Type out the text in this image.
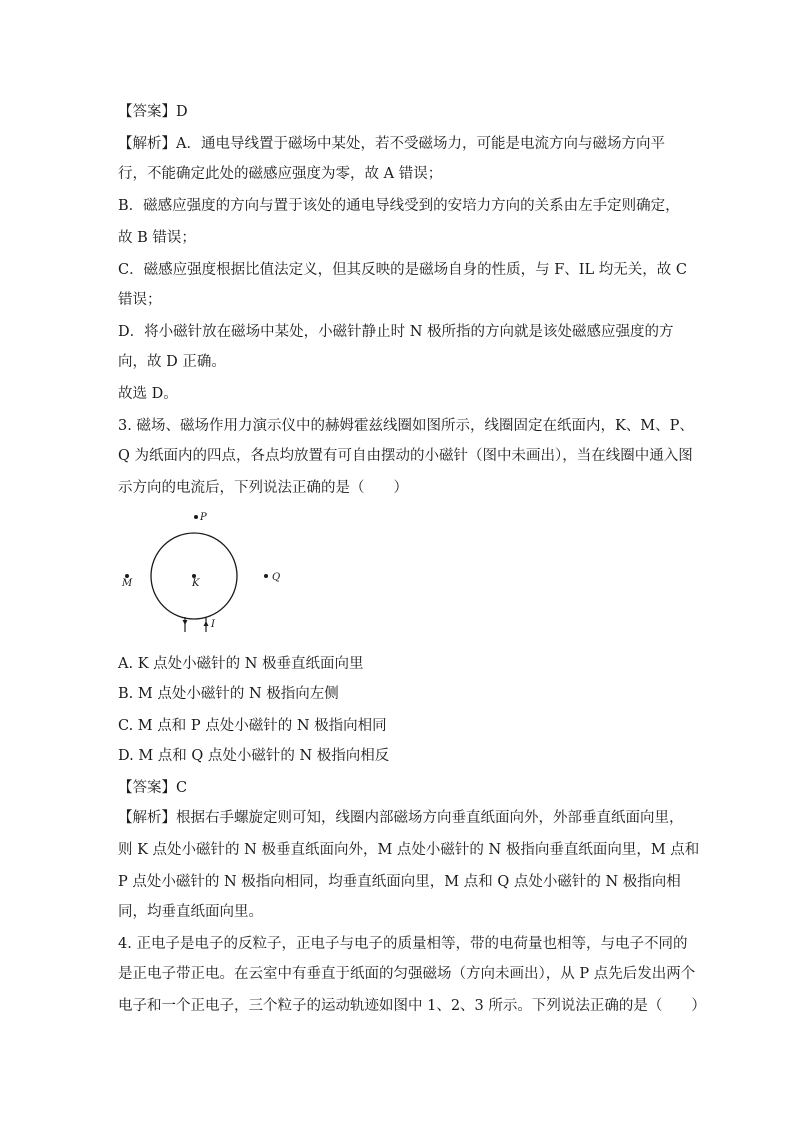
【答案】D
【解析】A．通电导线置于磁场中某处，若不受磁场力，可能是电流方向与磁场方向平
行，不能确定此处的磁感应强度为零，故 A 错误；
B．磁感应强度的方向与置于该处的通电导线受到的安培力方向的关系由左手定则确定，
故 B 错误；
C．磁感应强度根据比值法定义，但其反映的是磁场自身的性质，与 F、IL 均无关，故 C
错误；
D．将小磁针放在磁场中某处，小磁针静止时 N 极所指的方向就是该处磁感应强度的方
向，故 D 正确。
故选 D。
3. 磁场、磁场作用力演示仪中的赫姆霍兹线圈如图所示，线圈固定在纸面内，K、M、P、
Q 为纸面内的四点，各点均放置有可自由摆动的小磁针（图中未画出），当在线圈中通入图
示方向的电流后，下列说法正确的是（　　）
P
M	K
Q
I
A. K 点处小磁针的 N 极垂直纸面向里
B. M 点处小磁针的 N 极指向左侧
C. M 点和 P 点处小磁针的 N 极指向相同
D. M 点和 Q 点处小磁针的 N 极指向相反
【答案】C
【解析】根据右手螺旋定则可知，线圈内部磁场方向垂直纸面向外，外部垂直纸面向里，
则 K 点处小磁针的 N 极垂直纸面向外，M 点处小磁针的 N 极指向垂直纸面向里，M 点和
P 点处小磁针的 N 极指向相同，均垂直纸面向里，M 点和 Q 点处小磁针的 N 极指向相
同，均垂直纸面向里。
4. 正电子是电子的反粒子，正电子与电子的质量相等，带的电荷量也相等，与电子不同的
是正电子带正电。在云室中有垂直于纸面的匀强磁场（方向未画出），从 P 点先后发出两个
电子和一个正电子，三个粒子的运动轨迹如图中 1、2、3 所示。下列说法正确的是（　　）
